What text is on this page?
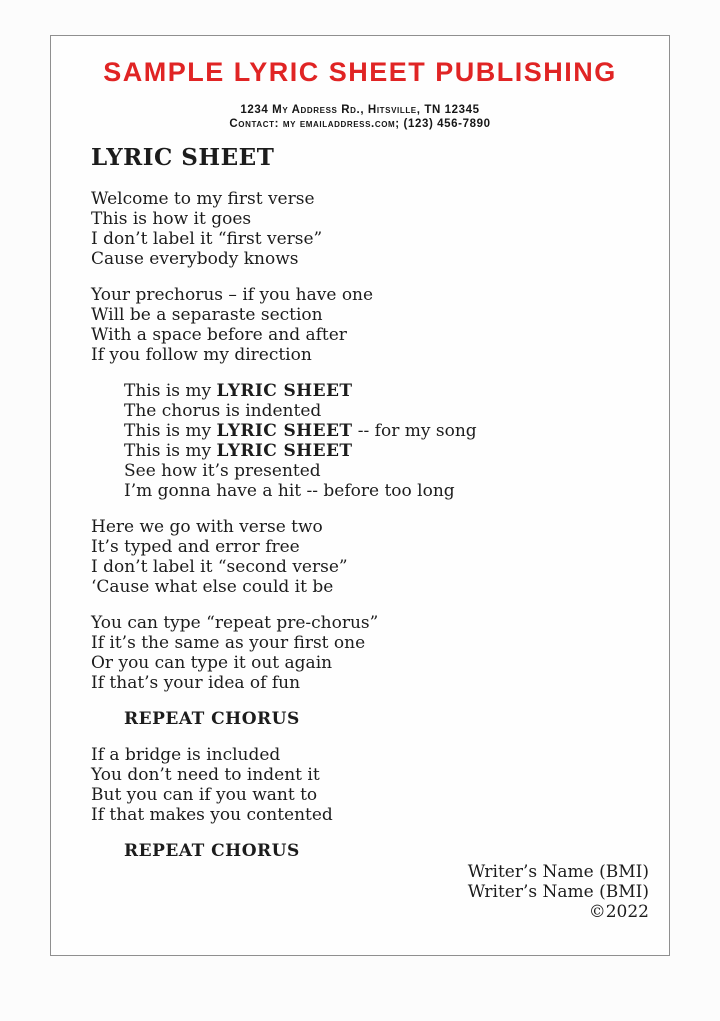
SAMPLE LYRIC SHEET PUBLISHING
1234 My Address Rd., Hitsville, TN 12345
Contact: my emailaddress.com; (123) 456-7890
LYRIC SHEET
Welcome to my first verse
This is how it goes
I don’t label it “first verse”
Cause everybody knows
Your prechorus – if you have one
Will be a separaste section
With a space before and after
If you follow my direction
This is my LYRIC SHEET
The chorus is indented
This is my LYRIC SHEET -- for my song
This is my LYRIC SHEET
See how it’s presented
I’m gonna have a hit -- before too long
Here we go with verse two
It’s typed and error free
I don’t label it “second verse”
‘Cause what else could it be
You can type “repeat pre-chorus”
If it’s the same as your first one
Or you can type it out again
If that’s your idea of fun
REPEAT CHORUS
If a bridge is included
You don’t need to indent it
But you can if you want to
If that makes you contented
REPEAT CHORUS
Writer’s Name (BMI)
Writer’s Name (BMI)
©2022
